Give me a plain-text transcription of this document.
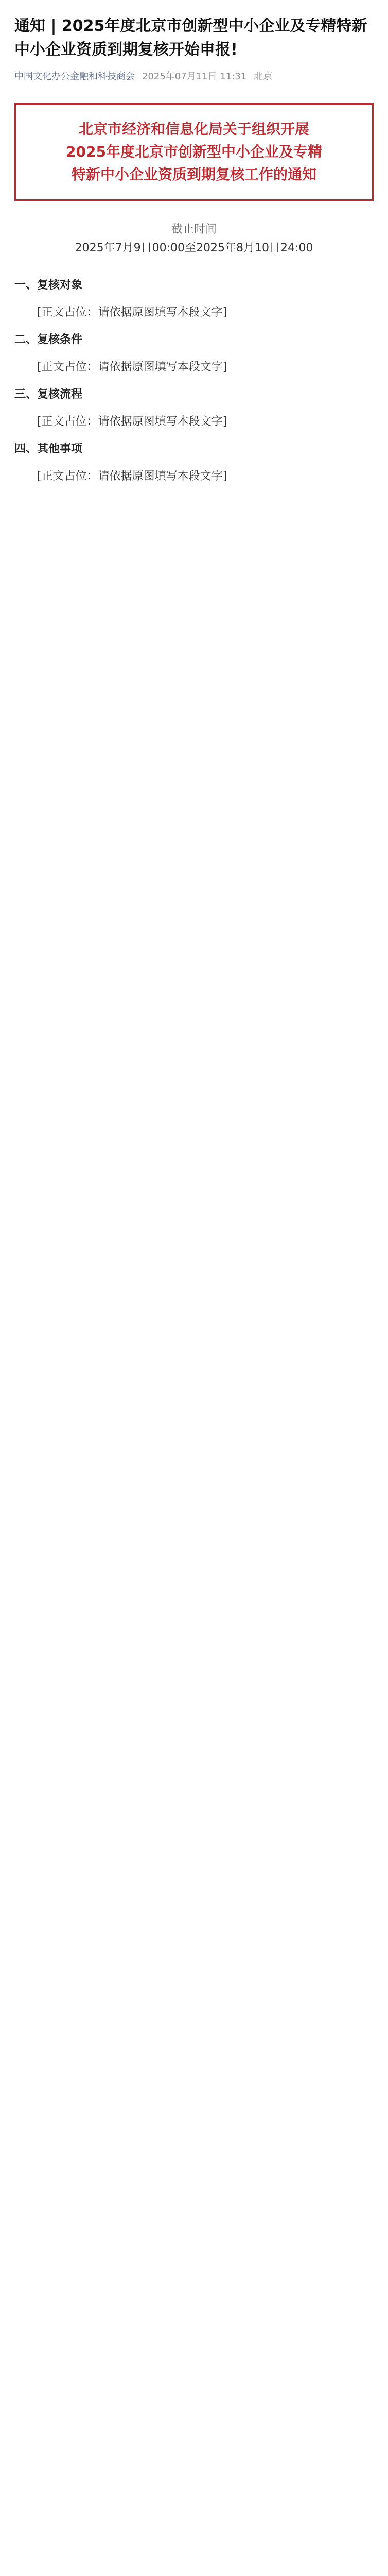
通知 | 2025年度北京市创新型中小企业及专精特新中小企业资质到期复核开始申报!
中国文化办公金融和科技商会 2025年07月11日 11:31 北京
北京市经济和信息化局关于组织开展
2025年度北京市创新型中小企业及专精
特新中小企业资质到期复核工作的通知
截止时间
2025年7月9日00:00至2025年8月10日24:00

一、复核对象

[正文占位：请依据原图填写本段文字]

二、复核条件

[正文占位：请依据原图填写本段文字]

三、复核流程

[正文占位：请依据原图填写本段文字]

四、其他事项

[正文占位：请依据原图填写本段文字]
